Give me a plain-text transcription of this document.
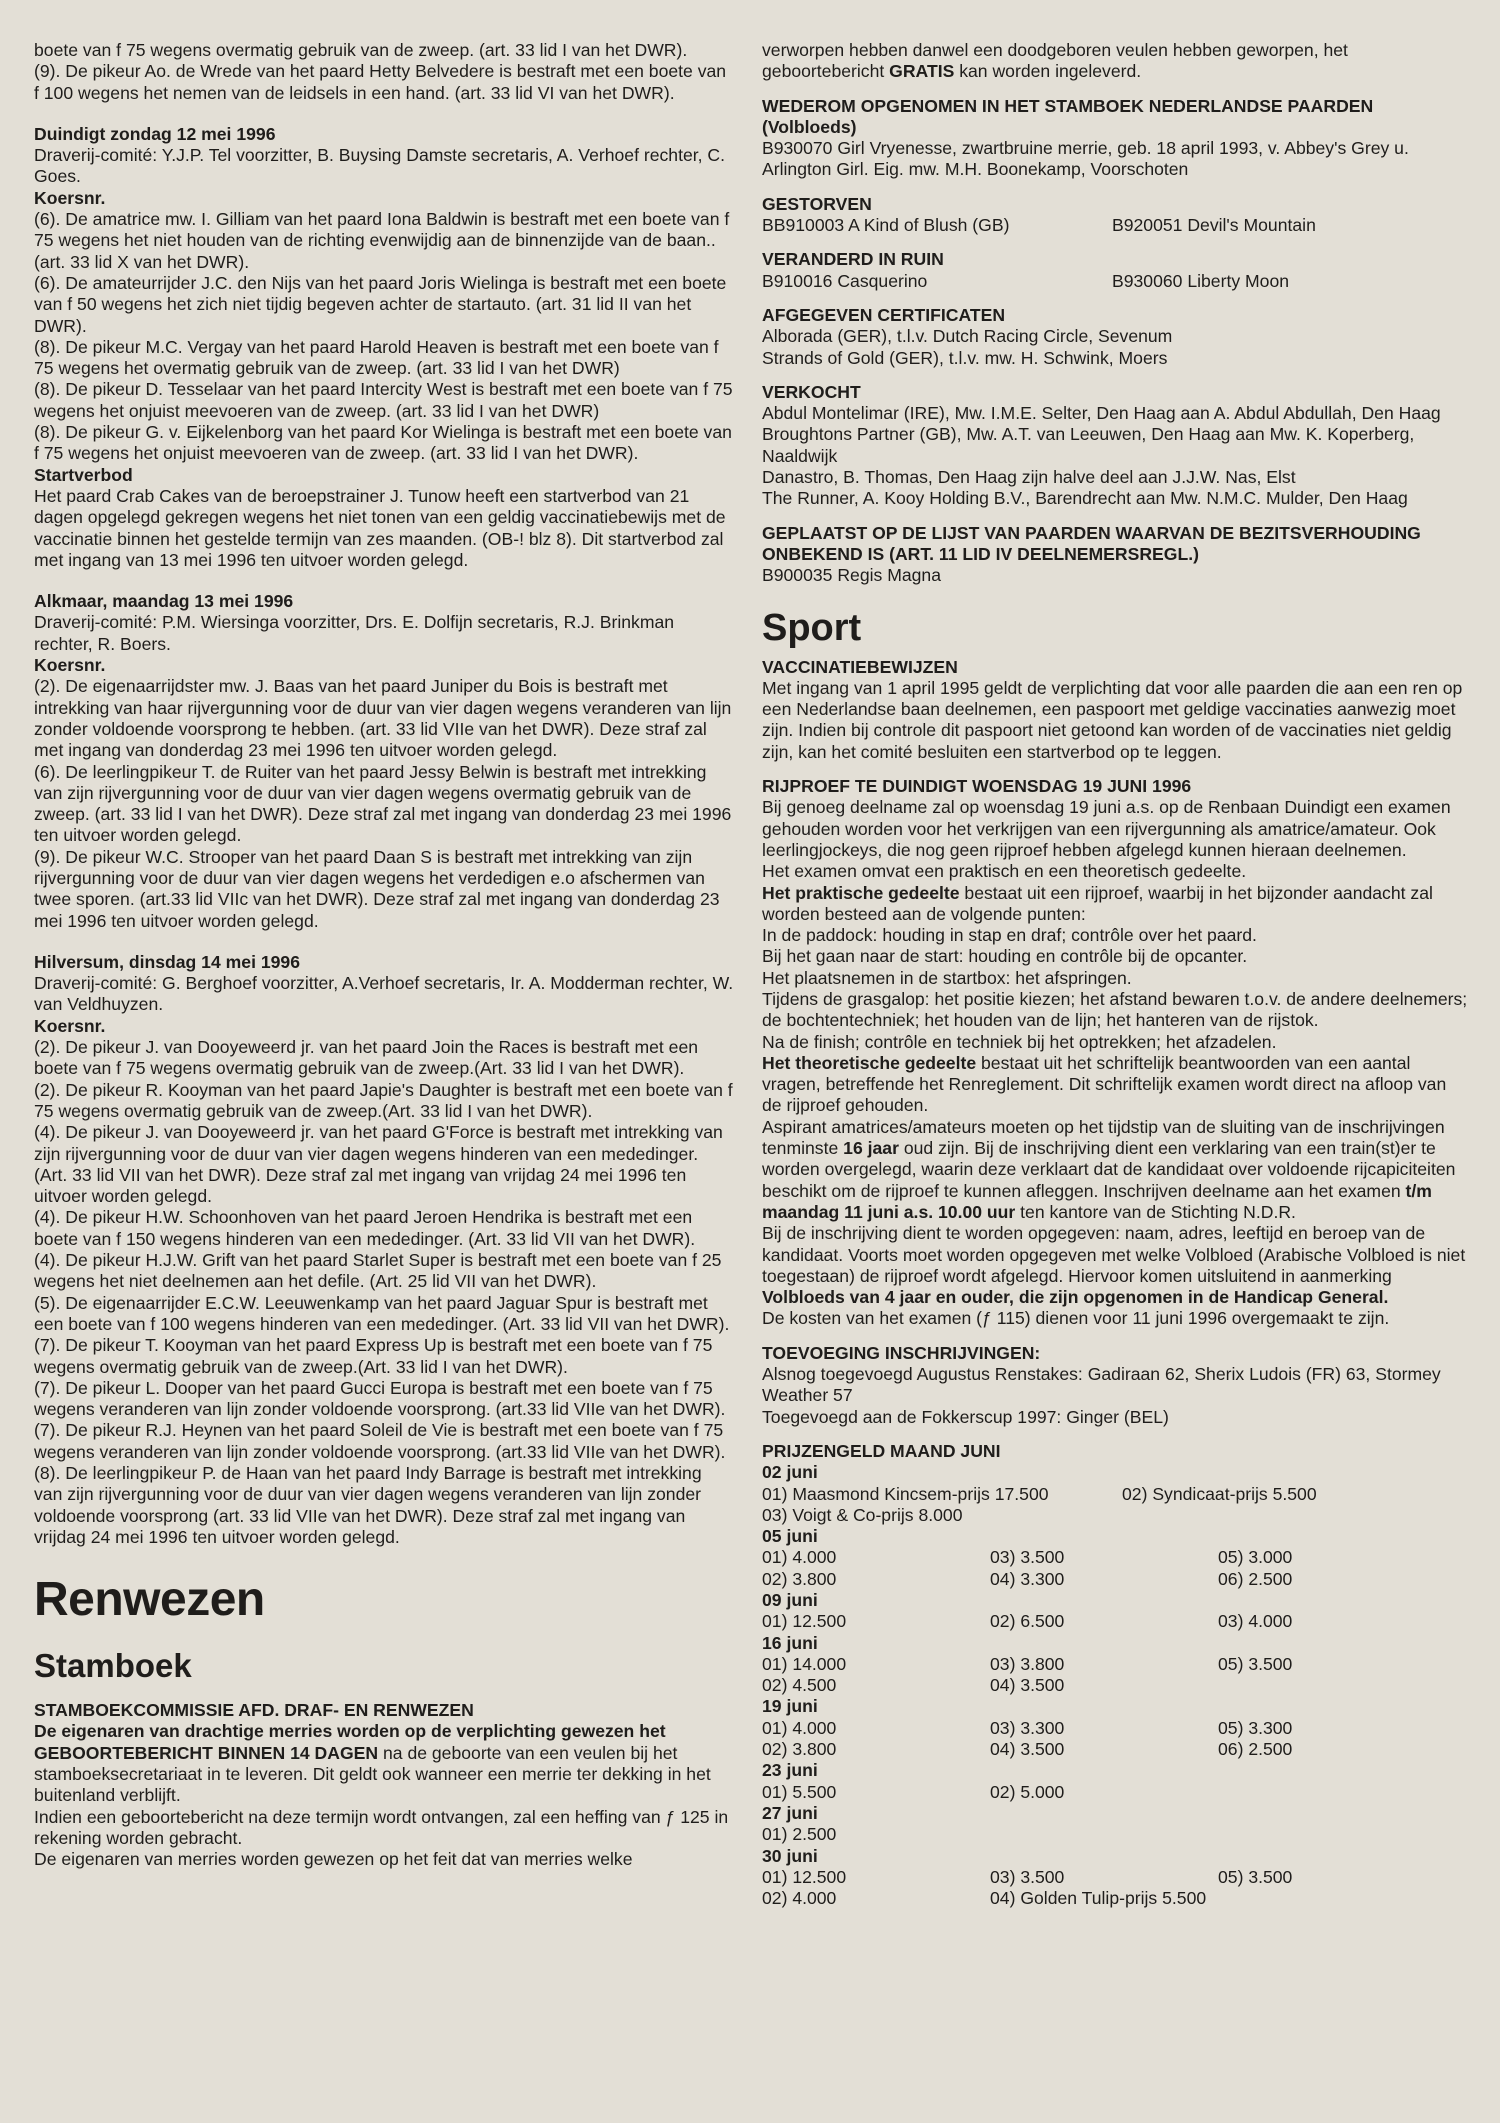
boete van f 75 wegens overmatig gebruik van de zweep. (art. 33 lid I van het DWR).

(9). De pikeur Ao. de Wrede van het paard Hetty Belvedere is bestraft met een boete van f 100 wegens het nemen van de leidsels in een hand. (art. 33 lid VI van het DWR).

Duindigt zondag 12 mei 1996

Draverij-comité: Y.J.P. Tel voorzitter, B. Buysing Damste secretaris, A. Verhoef rechter, C. Goes.

Koersnr.

(6). De amatrice mw. I. Gilliam van het paard Iona Baldwin is bestraft met een boete van f 75 wegens het niet houden van de richting evenwijdig aan de binnenzijde van de baan..(art. 33 lid X van het DWR).

(6). De amateurrijder J.C. den Nijs van het paard Joris Wielinga is bestraft met een boete van f 50 wegens het zich niet tijdig begeven achter de startauto. (art. 31 lid II van het DWR).

(8). De pikeur M.C. Vergay van het paard Harold Heaven is bestraft met een boete van f 75 wegens het overmatig gebruik van de zweep. (art. 33 lid I van het DWR)

(8). De pikeur D. Tesselaar van het paard Intercity West is bestraft met een boete van f 75 wegens het onjuist meevoeren van de zweep. (art. 33 lid I van het DWR)

(8). De pikeur G. v. Eijkelenborg van het paard Kor Wielinga is bestraft met een boete van f 75 wegens het onjuist meevoeren van de zweep. (art. 33 lid I van het DWR).

Startverbod

Het paard Crab Cakes van de beroepstrainer J. Tunow heeft een startverbod van 21 dagen opgelegd gekregen wegens het niet tonen van een geldig vaccinatiebewijs met de vaccinatie binnen het gestelde termijn van zes maanden. (OB-! blz 8). Dit startverbod zal met ingang van 13 mei 1996 ten uitvoer worden gelegd.

Alkmaar, maandag 13 mei 1996

Draverij-comité: P.M. Wiersinga voorzitter, Drs. E. Dolfijn secretaris, R.J. Brinkman rechter, R. Boers.

Koersnr.

(2). De eigenaarrijdster mw. J. Baas van het paard Juniper du Bois is bestraft met intrekking van haar rijvergunning voor de duur van vier dagen wegens veranderen van lijn zonder voldoende voorsprong te hebben. (art. 33 lid VIIe van het DWR). Deze straf zal met ingang van donderdag 23 mei 1996 ten uitvoer worden gelegd.

(6). De leerlingpikeur T. de Ruiter van het paard Jessy Belwin is bestraft met intrekking van zijn rijvergunning voor de duur van vier dagen wegens overmatig gebruik van de zweep. (art. 33 lid I van het DWR). Deze straf zal met ingang van donderdag 23 mei 1996 ten uitvoer worden gelegd.

(9). De pikeur W.C. Strooper van het paard Daan S is bestraft met intrekking van zijn rijvergunning voor de duur van vier dagen wegens het verdedigen e.o afschermen van twee sporen. (art.33 lid VIIc van het DWR). Deze straf zal met ingang van donderdag 23 mei 1996 ten uitvoer worden gelegd.

Hilversum, dinsdag 14 mei 1996

Draverij-comité: G. Berghoef voorzitter, A.Verhoef secretaris, Ir. A. Modderman rechter, W. van Veldhuyzen.

Koersnr.

(2). De pikeur J. van Dooyeweerd jr. van het paard Join the Races is bestraft met een boete van f 75 wegens overmatig gebruik van de zweep.(Art. 33 lid I van het DWR).

(2). De pikeur R. Kooyman van het paard Japie's Daughter is bestraft met een boete van f 75 wegens overmatig gebruik van de zweep.(Art. 33 lid I van het DWR).

(4). De pikeur J. van Dooyeweerd jr. van het paard G'Force is bestraft met intrekking van zijn rijvergunning voor de duur van vier dagen wegens hinderen van een mededinger.

(Art. 33 lid VII van het DWR). Deze straf zal met ingang van vrijdag 24 mei 1996 ten uitvoer worden gelegd.

(4). De pikeur H.W. Schoonhoven van het paard Jeroen Hendrika is bestraft met een boete van f 150 wegens hinderen van een mededinger. (Art. 33 lid VII van het DWR).

(4). De pikeur H.J.W. Grift van het paard Starlet Super is bestraft met een boete van f 25 wegens het niet deelnemen aan het defile. (Art. 25 lid VII van het DWR).

(5). De eigenaarrijder E.C.W. Leeuwenkamp van het paard Jaguar Spur is bestraft met een boete van f 100 wegens hinderen van een mededinger. (Art. 33 lid VII van het DWR).

(7). De pikeur T. Kooyman van het paard Express Up is bestraft met een boete van f 75 wegens overmatig gebruik van de zweep.(Art. 33 lid I van het DWR).

(7). De pikeur L. Dooper van het paard Gucci Europa is bestraft met een boete van f 75 wegens veranderen van lijn zonder voldoende voorsprong. (art.33 lid VIIe van het DWR).

(7). De pikeur R.J. Heynen van het paard Soleil de Vie is bestraft met een boete van f 75 wegens veranderen van lijn zonder voldoende voorsprong. (art.33 lid VIIe van het DWR).

(8). De leerlingpikeur P. de Haan van het paard Indy Barrage is bestraft met intrekking van zijn rijvergunning voor de duur van vier dagen wegens veranderen van lijn zonder voldoende voorsprong (art. 33 lid VIIe van het DWR). Deze straf zal met ingang van vrijdag 24 mei 1996 ten uitvoer worden gelegd.

Renwezen

Stamboek

STAMBOEKCOMMISSIE AFD. DRAF- EN RENWEZEN

De eigenaren van drachtige merries worden op de verplichting gewezen het GEBOORTEBERICHT BINNEN 14 DAGEN na de geboorte van een veulen bij het stamboeksecretariaat in te leveren. Dit geldt ook wanneer een merrie ter dekking in het buitenland verblijft.

Indien een geboortebericht na deze termijn wordt ontvangen, zal een heffing van ƒ 125 in rekening worden gebracht.

De eigenaren van merries worden gewezen op het feit dat van merries welke

verworpen hebben danwel een doodgeboren veulen hebben geworpen, het geboortebericht GRATIS kan worden ingeleverd.

WEDEROM OPGENOMEN IN HET STAMBOEK NEDERLANDSE PAARDEN (Volbloeds)

B930070 Girl Vryenesse, zwartbruine merrie, geb. 18 april 1993, v. Abbey's Grey u. Arlington Girl. Eig. mw. M.H. Boonekamp, Voorschoten

GESTORVEN

BB910003 A Kind of Blush (GB)	B920051 Devil's Mountain

VERANDERD IN RUIN

B910016 Casquerino	B930060 Liberty Moon

AFGEGEVEN CERTIFICATEN

Alborada (GER), t.l.v. Dutch Racing Circle, Sevenum

Strands of Gold (GER), t.l.v. mw. H. Schwink, Moers

VERKOCHT

Abdul Montelimar (IRE), Mw. I.M.E. Selter, Den Haag aan A. Abdul Abdullah, Den Haag

Broughtons Partner (GB), Mw. A.T. van Leeuwen, Den Haag aan Mw. K. Koperberg, Naaldwijk

Danastro, B. Thomas, Den Haag zijn halve deel aan J.J.W. Nas, Elst

The Runner, A. Kooy Holding B.V., Barendrecht aan Mw. N.M.C. Mulder, Den Haag

GEPLAATST OP DE LIJST VAN PAARDEN WAARVAN DE BEZITSVERHOUDING ONBEKEND IS (ART. 11 LID IV DEELNEMERSREGL.)

B900035 Regis Magna

Sport

VACCINATIEBEWIJZEN

Met ingang van 1 april 1995 geldt de verplichting dat voor alle paarden die aan een ren op een Nederlandse baan deelnemen, een paspoort met geldige vaccinaties aanwezig moet zijn. Indien bij controle dit paspoort niet getoond kan worden of de vaccinaties niet geldig zijn, kan het comité besluiten een startverbod op te leggen.

RIJPROEF TE DUINDIGT WOENSDAG 19 JUNI 1996

Bij genoeg deelname zal op woensdag 19 juni a.s. op de Renbaan Duindigt een examen gehouden worden voor het verkrijgen van een rijvergunning als amatrice/amateur. Ook leerlingjockeys, die nog geen rijproef hebben afgelegd kunnen hieraan deelnemen.

Het examen omvat een praktisch en een theoretisch gedeelte.

Het praktische gedeelte bestaat uit een rijproef, waarbij in het bijzonder aandacht zal worden besteed aan de volgende punten:

In de paddock: houding in stap en draf; contrôle over het paard.

Bij het gaan naar de start: houding en contrôle bij de opcanter.

Het plaatsnemen in de startbox: het afspringen.

Tijdens de grasgalop: het positie kiezen; het afstand bewaren t.o.v. de andere deelnemers; de bochtentechniek; het houden van de lijn; het hanteren van de rijstok.

Na de finish; contrôle en techniek bij het optrekken; het afzadelen.

Het theoretische gedeelte bestaat uit het schriftelijk beantwoorden van een aantal vragen, betreffende het Renreglement. Dit schriftelijk examen wordt direct na afloop van de rijproef gehouden.

Aspirant amatrices/amateurs moeten op het tijdstip van de sluiting van de inschrijvingen tenminste 16 jaar oud zijn. Bij de inschrijving dient een verklaring van een train(st)er te worden overgelegd, waarin deze verklaart dat de kandidaat over voldoende rijcapiciteiten beschikt om de rijproef te kunnen afleggen. Inschrijven deelname aan het examen t/m maandag 11 juni a.s. 10.00 uur ten kantore van de Stichting N.D.R.

Bij de inschrijving dient te worden opgegeven: naam, adres, leeftijd en beroep van de kandidaat. Voorts moet worden opgegeven met welke Volbloed (Arabische Volbloed is niet toegestaan) de rijproef wordt afgelegd. Hiervoor komen uitsluitend in aanmerking Volbloeds van 4 jaar en ouder, die zijn opgenomen in de Handicap General.

De kosten van het examen (ƒ 115) dienen voor 11 juni 1996 overgemaakt te zijn.

TOEVOEGING INSCHRIJVINGEN:

Alsnog toegevoegd Augustus Renstakes: Gadiraan 62, Sherix Ludois (FR) 63, Stormey Weather 57

Toegevoegd aan de Fokkerscup 1997: Ginger (BEL)

PRIJZENGELD MAAND JUNI

02 juni

01) Maasmond Kincsem-prijs 17.500	02) Syndicaat-prijs 5.500

03) Voigt & Co-prijs 8.000

05 juni

01) 4.000	03) 3.500	05) 3.000

02) 3.800	04) 3.300	06) 2.500

09 juni

01) 12.500	02) 6.500	03) 4.000

16 juni

01) 14.000	03) 3.800	05) 3.500

02) 4.500	04) 3.500

19 juni

01) 4.000	03) 3.300	05) 3.300

02) 3.800	04) 3.500	06) 2.500

23 juni

01) 5.500	02) 5.000

27 juni

01) 2.500

30 juni

01) 12.500	03) 3.500	05) 3.500

02) 4.000	04) Golden Tulip-prijs 5.500
